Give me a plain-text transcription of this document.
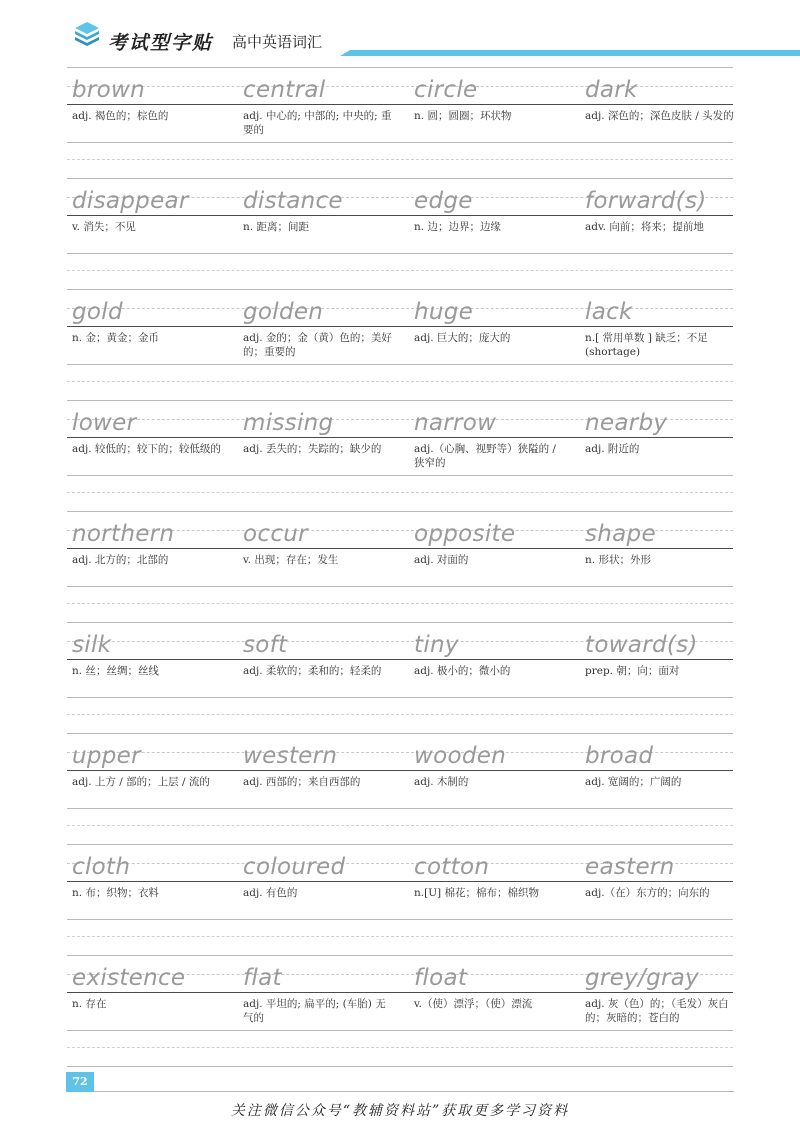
考试型字贴 高中英语词汇
brown
adj. 褐色的；棕色的
central
adj. 中心的; 中部的; 中央的; 重要的
circle
n. 圆；圆圈；环状物
dark
adj. 深色的；深色皮肤 / 头发的
disappear
v. 消失；不见
distance
n. 距离；间距
edge
n. 边；边界；边缘
forward(s)
adv. 向前；将来；提前地
gold
n. 金；黄金；金币
golden
adj. 金的；金（黄）色的；美好的；重要的
huge
adj. 巨大的；庞大的
lack
n.[ 常用单数 ] 缺乏；不足 (shortage)
lower
adj. 较低的；较下的；较低级的
missing
adj. 丢失的；失踪的；缺少的
narrow
adj.（心胸、视野等）狭隘的 / 狭窄的
nearby
adj. 附近的
northern
adj. 北方的；北部的
occur
v. 出现；存在；发生
opposite
adj. 对面的
shape
n. 形状；外形
silk
n. 丝；丝绸；丝线
soft
adj. 柔软的；柔和的；轻柔的
tiny
adj. 极小的；微小的
toward(s)
prep. 朝；向；面对
upper
adj. 上方 / 部的；上层 / 流的
western
adj. 西部的；来自西部的
wooden
adj. 木制的
broad
adj. 宽阔的；广阔的
cloth
n. 布；织物；衣料
coloured
adj. 有色的
cotton
n.[U] 棉花；棉布；棉织物
eastern
adj.（在）东方的；向东的
existence
n. 存在
flat
adj. 平坦的; 扁平的; (车胎) 无气的
float
v.（使）漂浮；（使）漂流
grey/gray
adj. 灰（色）的；（毛发）灰白的；灰暗的；苍白的
72
关注微信公众号“教辅资料站”获取更多学习资料
